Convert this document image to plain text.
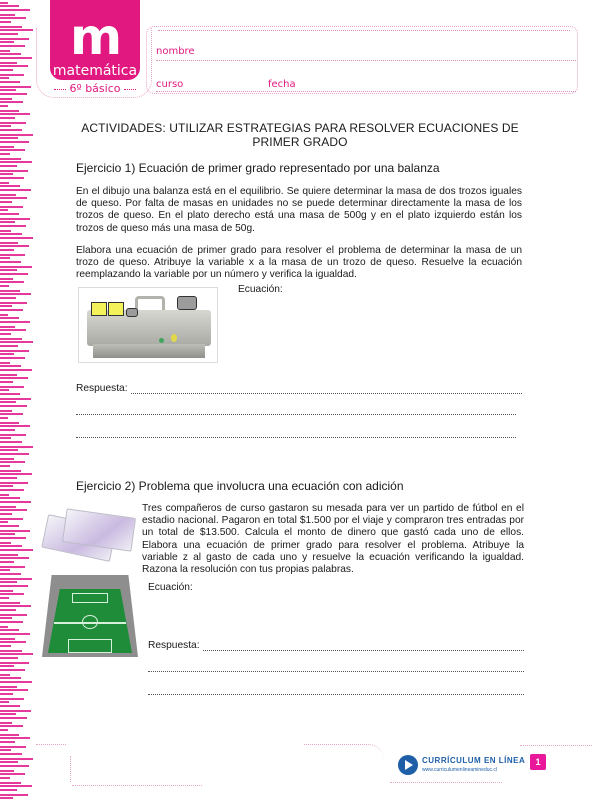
m
matemática
6º básico
nombre
curso	fecha
ACTIVIDADES: UTILIZAR ESTRATEGIAS PARA RESOLVER ECUACIONES DE PRIMER GRADO
Ejercicio 1) Ecuación de primer grado representado por una balanza
En el dibujo una balanza está en el equilibrio. Se quiere determinar la masa de dos trozos iguales de queso. Por falta de masas en unidades no se puede determinar directamente la masa de los trozos de queso. En el plato derecho está una masa de 500g y en el plato izquierdo están los trozos de queso más una masa de 50g.
Elabora una ecuación de primer grado para resolver el problema de determinar la masa de un trozo de queso. Atribuye la variable x a la masa de un trozo de queso. Resuelve la ecuación reemplazando la variable por un número y verifica la igualdad.
Ecuación:
Respuesta:
Ejercicio 2) Problema que involucra una ecuación con adición
Tres compañeros de curso gastaron su mesada para ver un partido de fútbol en el estadio nacional. Pagaron en total $1.500 por el viaje y compraron tres entradas por un total de $13.500. Calcula el monto de dinero que gastó cada uno de ellos. Elabora una ecuación de primer grado para resolver el problema. Atribuye la variable z al gasto de cada uno y resuelve la ecuación verificando la igualdad. Razona la resolución con tus propias palabras.
Ecuación:
Respuesta:
CURRÍCULUM EN LÍNEA
www.curriculumenlineamineduc.cl
1
